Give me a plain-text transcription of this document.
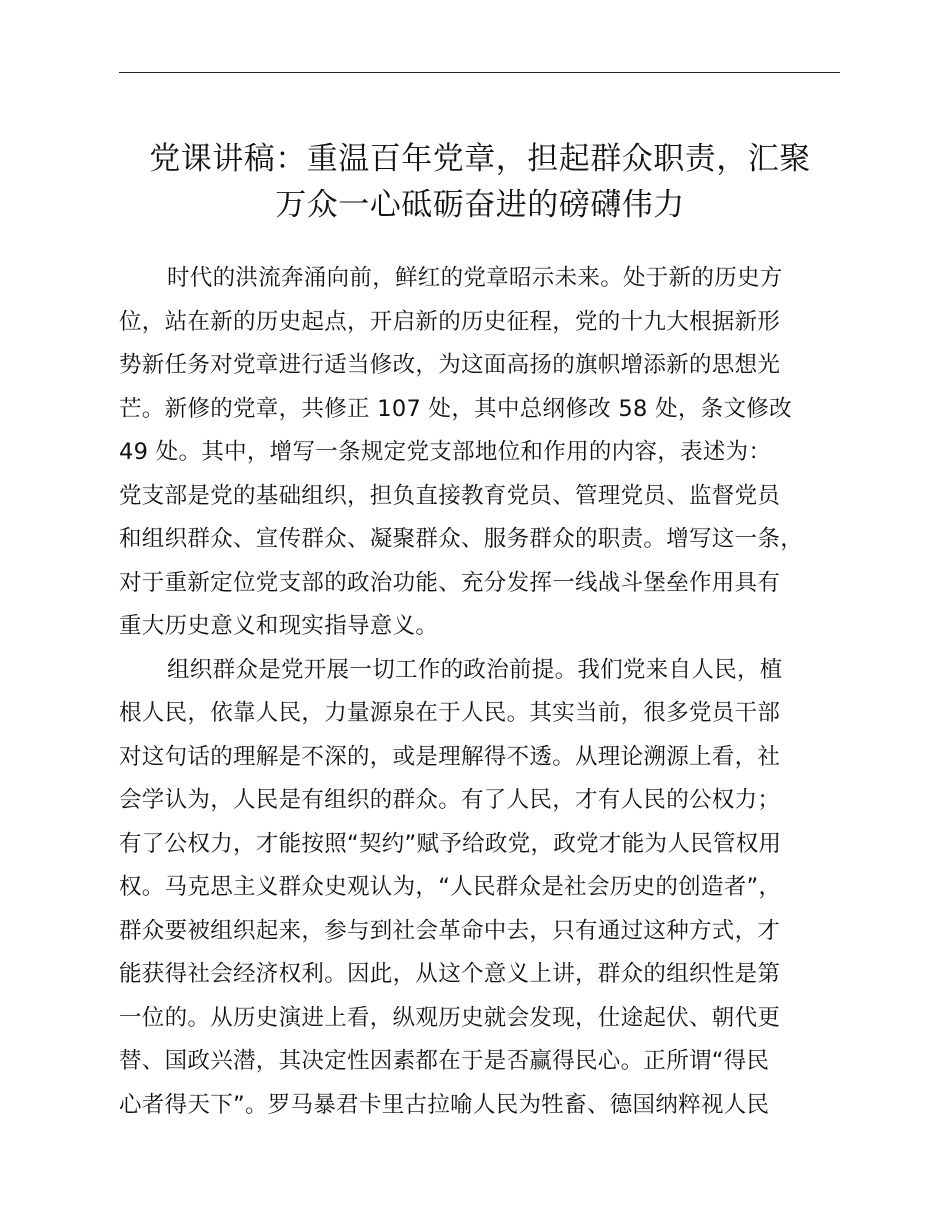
党课讲稿：重温百年党章，担起群众职责，汇聚
万众一心砥砺奋进的磅礴伟力

时代的洪流奔涌向前，鲜红的党章昭示未来。处于新的历史方
位，站在新的历史起点，开启新的历史征程，党的十九大根据新形
势新任务对党章进行适当修改，为这面高扬的旗帜增添新的思想光
芒。新修的党章，共修正 107 处，其中总纲修改 58 处，条文修改
49 处。其中，增写一条规定党支部地位和作用的内容，表述为：
党支部是党的基础组织，担负直接教育党员、管理党员、监督党员
和组织群众、宣传群众、凝聚群众、服务群众的职责。增写这一条，
对于重新定位党支部的政治功能、充分发挥一线战斗堡垒作用具有
重大历史意义和现实指导意义。

组织群众是党开展一切工作的政治前提。我们党来自人民，植
根人民，依靠人民，力量源泉在于人民。其实当前，很多党员干部
对这句话的理解是不深的，或是理解得不透。从理论溯源上看，社
会学认为，人民是有组织的群众。有了人民，才有人民的公权力；
有了公权力，才能按照“契约”赋予给政党，政党才能为人民管权用
权。马克思主义群众史观认为，“人民群众是社会历史的创造者”，
群众要被组织起来，参与到社会革命中去，只有通过这种方式，才
能获得社会经济权利。因此，从这个意义上讲，群众的组织性是第
一位的。从历史演进上看，纵观历史就会发现，仕途起伏、朝代更
替、国政兴潜，其决定性因素都在于是否赢得民心。正所谓“得民
心者得天下”。罗马暴君卡里古拉喻人民为牲畜、德国纳粹视人民
